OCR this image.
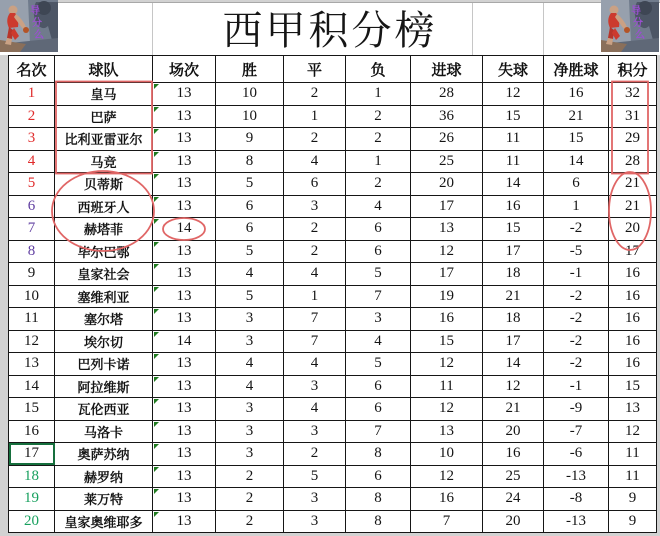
西甲积分榜
导
分
么
导
分
么
名次	球队	场次	胜	平	负	进球	失球	净胜球	积分
1	皇马	13	10	2	1	28	12	16	32
2	巴萨	13	10	1	2	36	15	21	31
3	比利亚雷亚尔	13	9	2	2	26	11	15	29
4	马竞	13	8	4	1	25	11	14	28
5	贝蒂斯	13	5	6	2	20	14	6	21
6	西班牙人	13	6	3	4	17	16	1	21
7	赫塔菲	14	6	2	6	13	15	-2	20
8	毕尔巴鄂	13	5	2	6	12	17	-5	17
9	皇家社会	13	4	4	5	17	18	-1	16
10	塞维利亚	13	5	1	7	19	21	-2	16
11	塞尔塔	13	3	7	3	16	18	-2	16
12	埃尔切	14	3	7	4	15	17	-2	16
13	巴列卡诺	13	4	4	5	12	14	-2	16
14	阿拉维斯	13	4	3	6	11	12	-1	15
15	瓦伦西亚	13	3	4	6	12	21	-9	13
16	马洛卡	13	3	3	7	13	20	-7	12
17	奥萨苏纳	13	3	2	8	10	16	-6	11
18	赫罗纳	13	2	5	6	12	25	-13	11
19	莱万特	13	2	3	8	16	24	-8	9
20	皇家奥维耶多	13	2	3	8	7	20	-13	9
